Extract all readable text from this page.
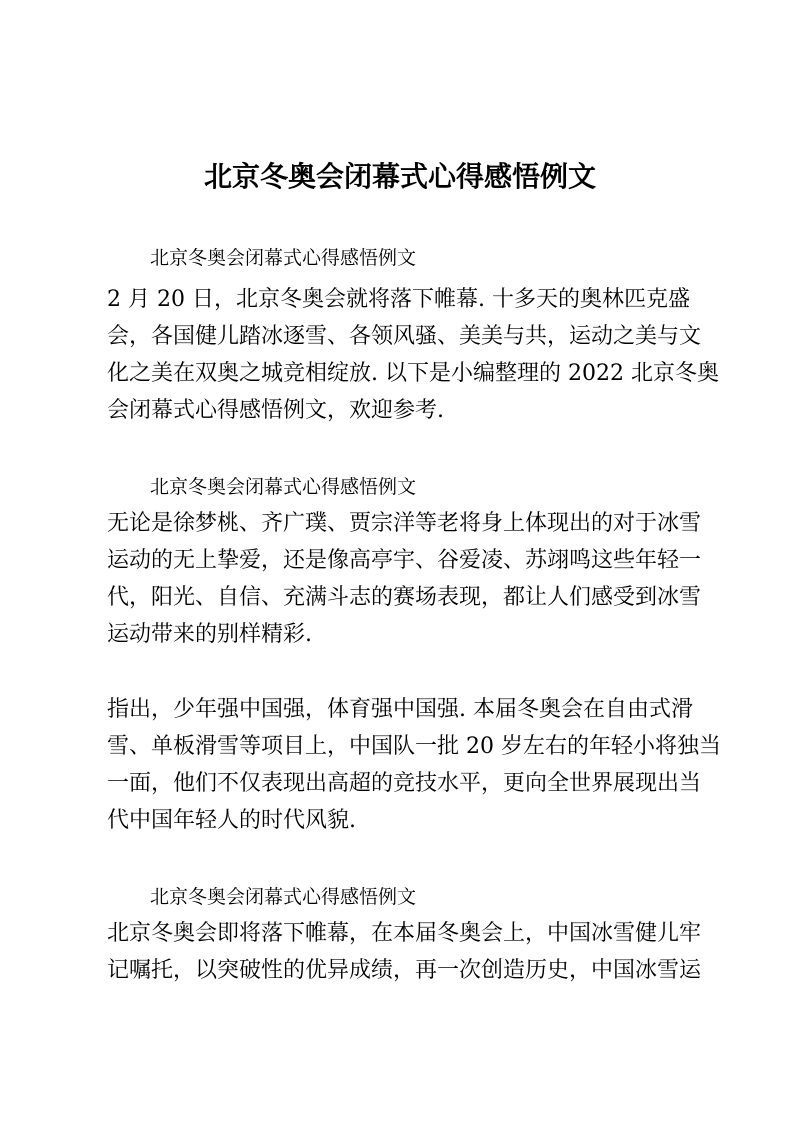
北京冬奥会闭幕式心得感悟例文

北京冬奥会闭幕式心得感悟例文

2 月 20 日，北京冬奥会就将落下帷幕. 十多天的奥林匹克盛
会，各国健儿踏冰逐雪、各领风骚、美美与共，运动之美与文
化之美在双奥之城竞相绽放. 以下是小编整理的 2022 北京冬奥
会闭幕式心得感悟例文，欢迎参考.

北京冬奥会闭幕式心得感悟例文

无论是徐梦桃、齐广璞、贾宗洋等老将身上体现出的对于冰雪
运动的无上挚爱，还是像高亭宇、谷爱凌、苏翊鸣这些年轻一
代，阳光、自信、充满斗志的赛场表现，都让人们感受到冰雪
运动带来的别样精彩.
指出，少年强中国强，体育强中国强. 本届冬奥会在自由式滑
雪、单板滑雪等项目上，中国队一批 20 岁左右的年轻小将独当
一面，他们不仅表现出高超的竞技水平，更向全世界展现出当
代中国年轻人的时代风貌.

北京冬奥会闭幕式心得感悟例文

北京冬奥会即将落下帷幕，在本届冬奥会上，中国冰雪健儿牢
记嘱托，以突破性的优异成绩，再一次创造历史，中国冰雪运
